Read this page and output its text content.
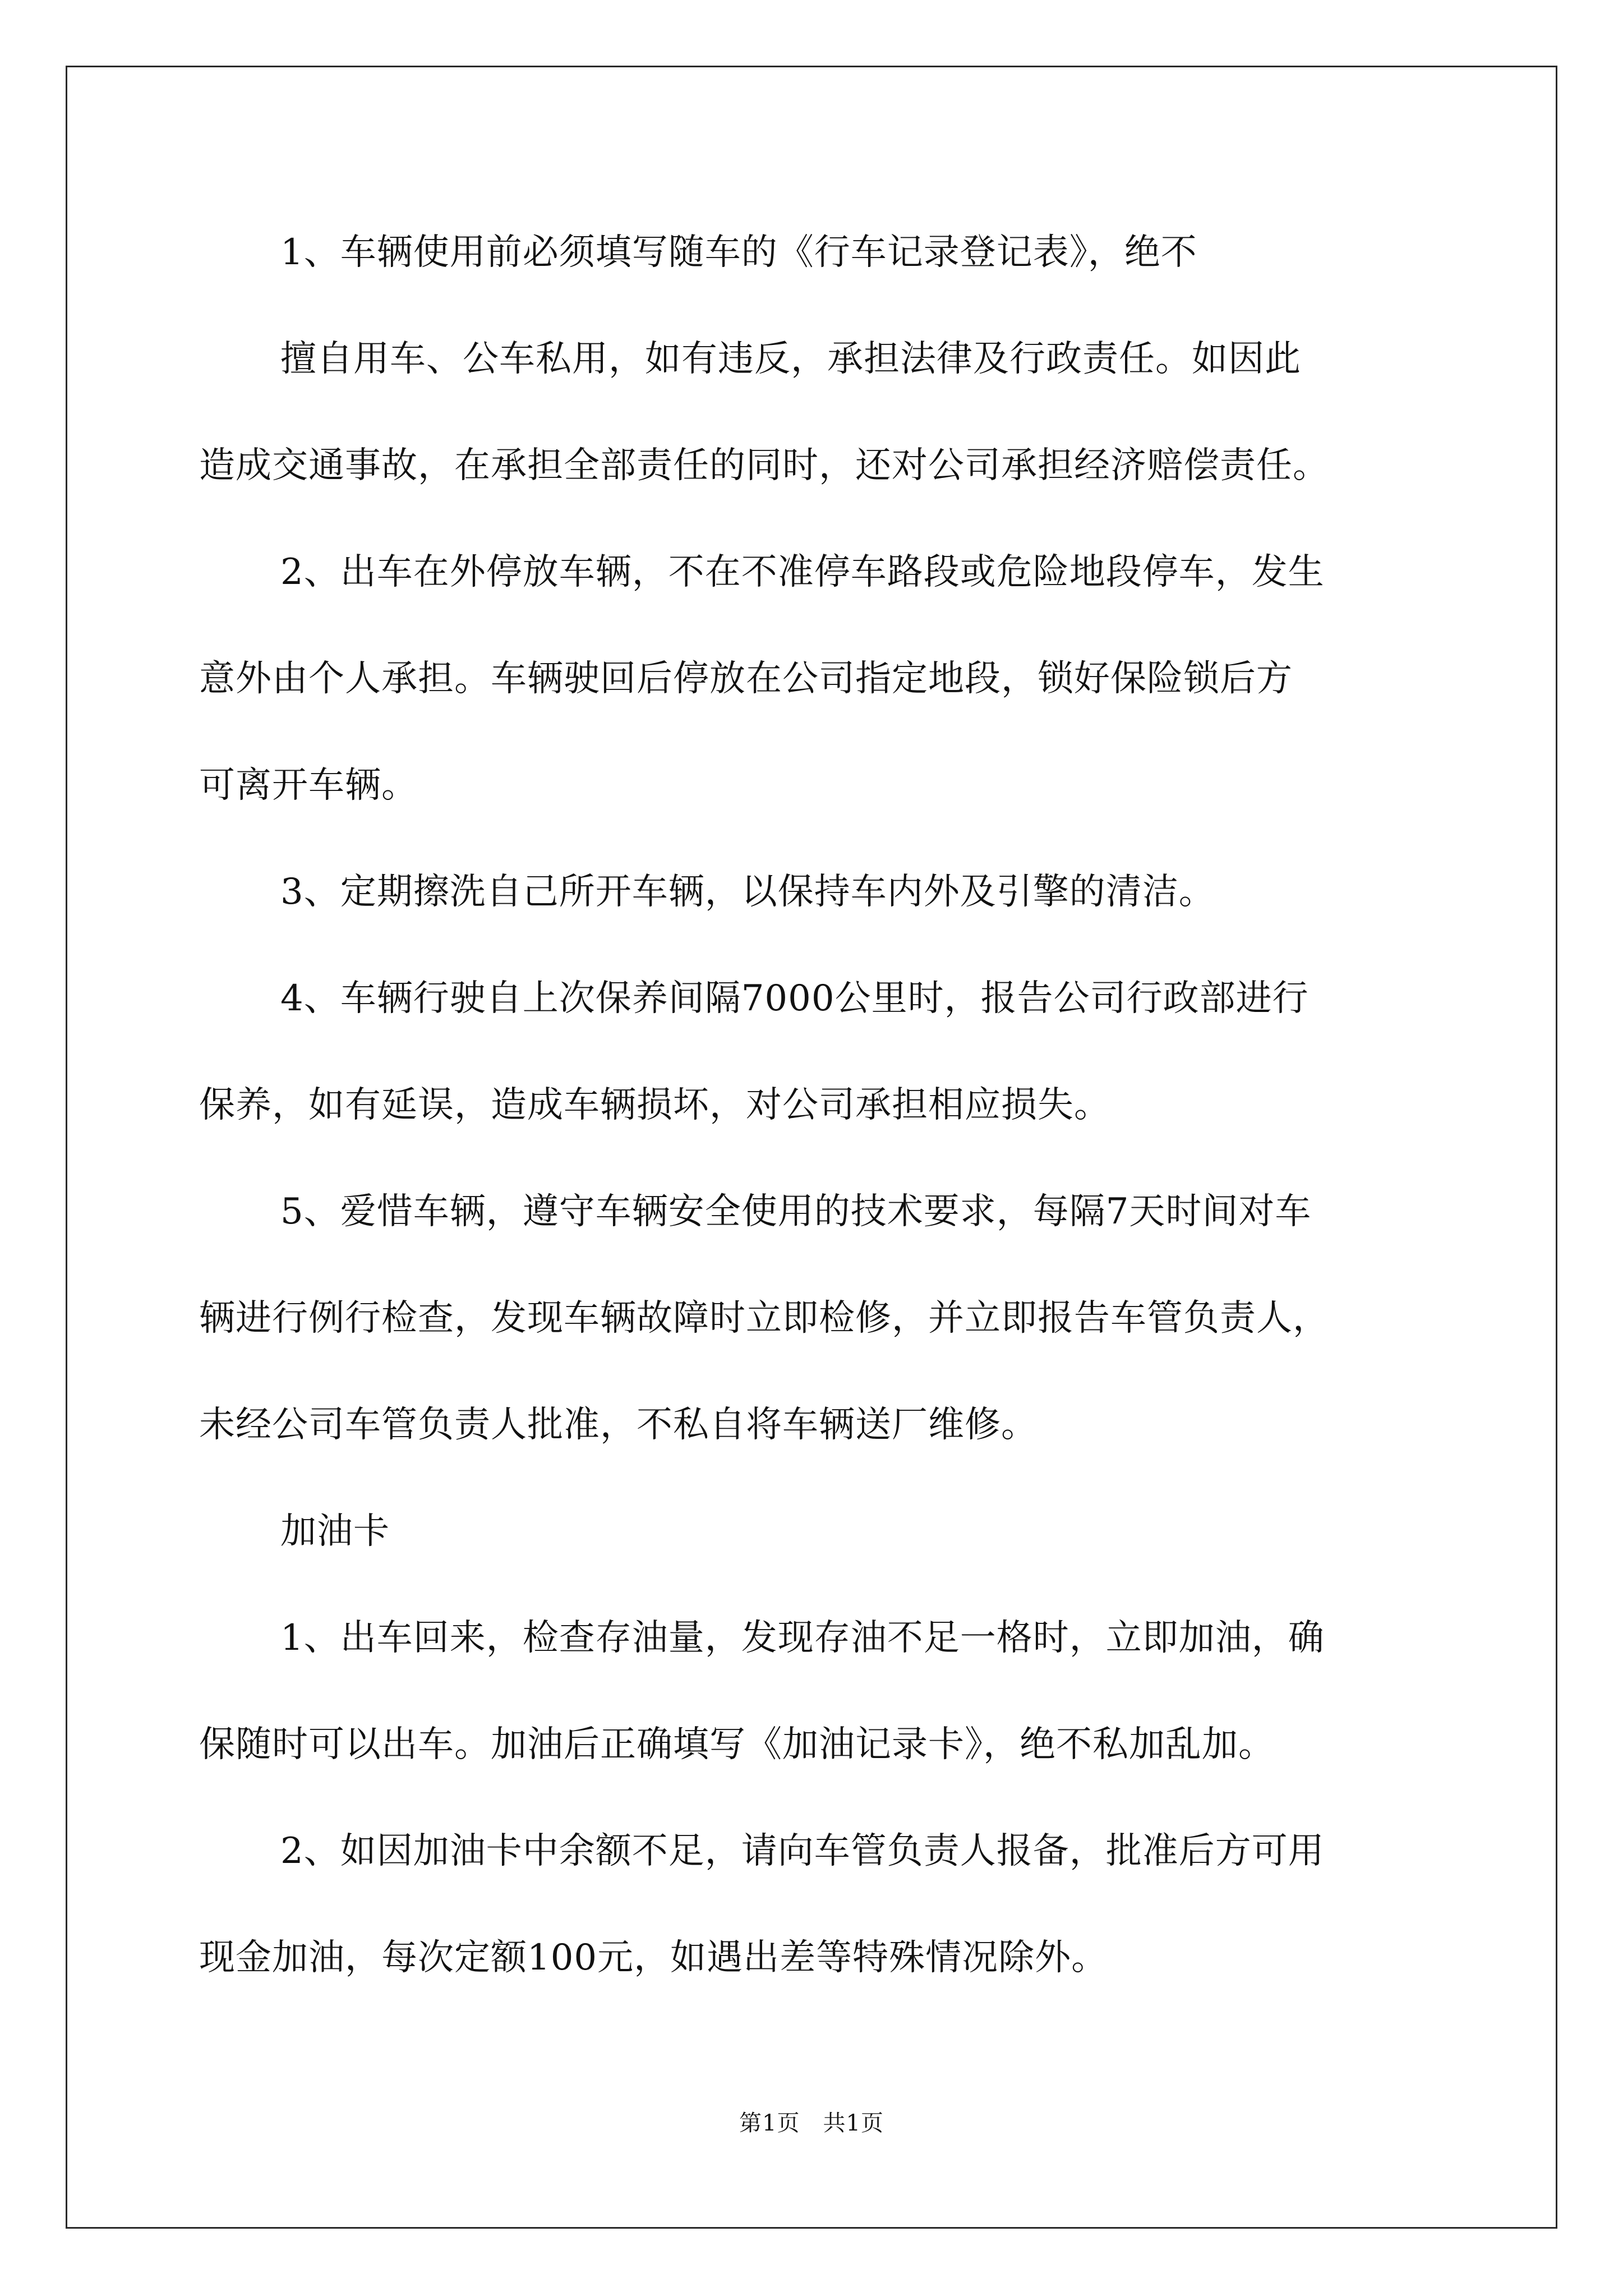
1、车辆使用前必须填写随车的《行车记录登记表》，绝不
擅自用车、公车私用，如有违反，承担法律及行政责任。如因此
造成交通事故，在承担全部责任的同时，还对公司承担经济赔偿责任。
2、出车在外停放车辆，不在不准停车路段或危险地段停车，发生
意外由个人承担。车辆驶回后停放在公司指定地段，锁好保险锁后方
可离开车辆。
3、定期擦洗自己所开车辆，以保持车内外及引擎的清洁。
4、车辆行驶自上次保养间隔7000公里时，报告公司行政部进行
保养，如有延误，造成车辆损坏，对公司承担相应损失。
5、爱惜车辆，遵守车辆安全使用的技术要求，每隔7天时间对车
辆进行例行检查，发现车辆故障时立即检修，并立即报告车管负责人，
未经公司车管负责人批准，不私自将车辆送厂维修。
加油卡
1、出车回来，检查存油量，发现存油不足一格时，立即加油，确
保随时可以出车。加油后正确填写《加油记录卡》，绝不私加乱加。
2、如因加油卡中余额不足，请向车管负责人报备，批准后方可用
现金加油，每次定额100元，如遇出差等特殊情况除外。
第1页　共1页
